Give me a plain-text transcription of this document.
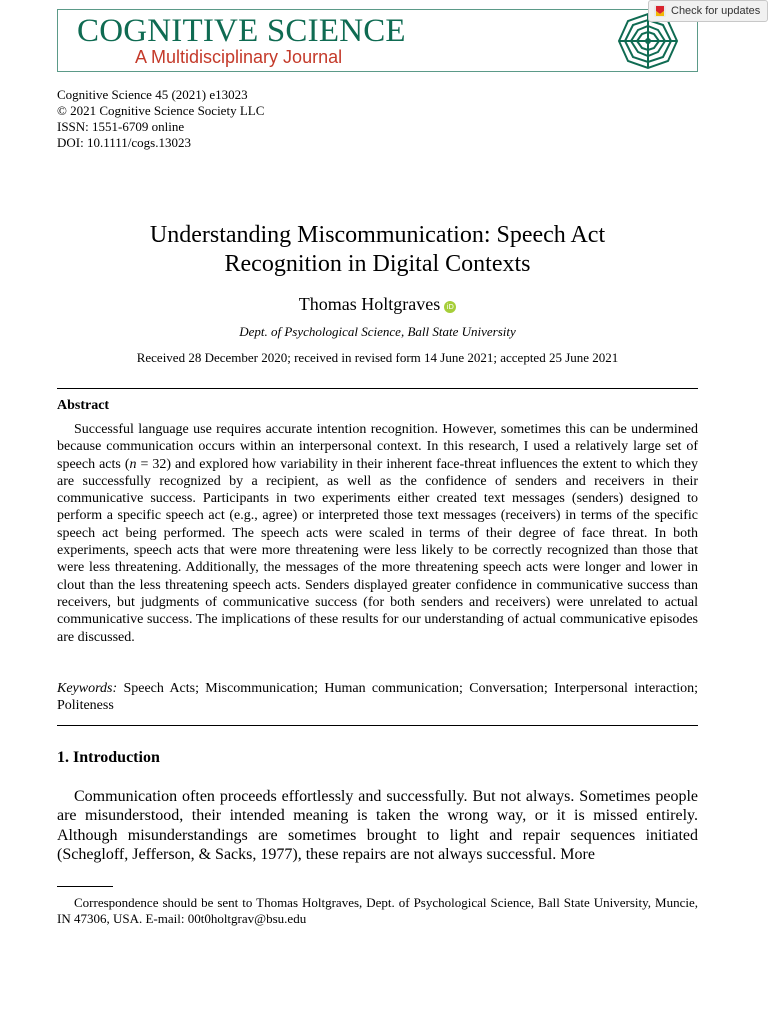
COGNITIVE SCIENCE
A Multidisciplinary Journal
Check for updates
Cognitive Science 45 (2021) e13023
© 2021 Cognitive Science Society LLC
ISSN: 1551-6709 online
DOI: 10.1111/cogs.13023
Understanding Miscommunication: Speech Act
Recognition in Digital Contexts
Thomas Holtgraves iD
Dept. of Psychological Science, Ball State University
Received 28 December 2020; received in revised form 14 June 2021; accepted 25 June 2021
Abstract
Successful language use requires accurate intention recognition. However, sometimes this can be undermined because communication occurs within an interpersonal context. In this research, I used a relatively large set of speech acts (n = 32) and explored how variability in their inherent face-threat influences the extent to which they are successfully recognized by a recipient, as well as the confidence of senders and receivers in their communicative success. Participants in two experiments either created text messages (senders) designed to perform a specific speech act (e.g., agree) or interpreted those text messages (receivers) in terms of the specific speech act being performed. The speech acts were scaled in terms of their degree of face threat. In both experiments, speech acts that were more threatening were less likely to be correctly recognized than those that were less threatening. Additionally, the messages of the more threatening speech acts were longer and lower in clout than the less threatening speech acts. Senders displayed greater confidence in communicative success than receivers, but judgments of communicative success (for both senders and receivers) were unrelated to actual communicative success. The implications of these results for our understanding of actual communicative episodes are discussed.
Keywords: Speech Acts; Miscommunication; Human communication; Conversation; Interpersonal interaction; Politeness
1. Introduction
Communication often proceeds effortlessly and successfully. But not always. Sometimes people are misunderstood, their intended meaning is taken the wrong way, or it is missed entirely. Although misunderstandings are sometimes brought to light and repair sequences initiated (Schegloff, Jefferson, & Sacks, 1977), these repairs are not always successful. More
Correspondence should be sent to Thomas Holtgraves, Dept. of Psychological Science, Ball State University, Muncie, IN 47306, USA. E-mail: 00t0holtgrav@bsu.edu
